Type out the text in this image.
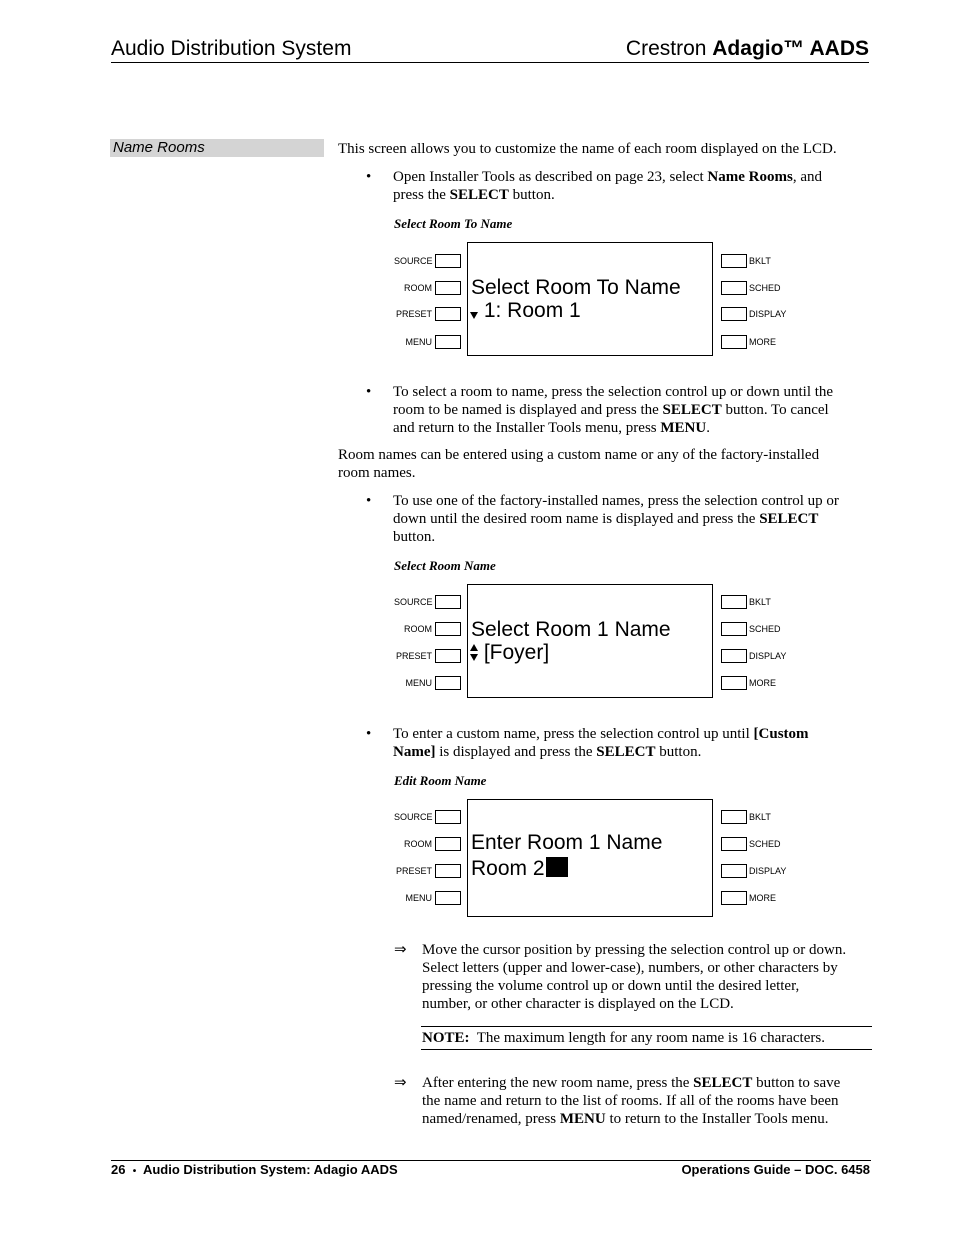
Audio Distribution System	Crestron Adagio™ AADS
Name Rooms	This screen allows you to customize the name of each room displayed on the LCD.
• Open Installer Tools as described on page 23, select Name Rooms, and
press the SELECT button.
Select Room To Name
SOURCE
ROOM
PRESET
MENU
Select Room To Name
1: Room 1
BKLT
SCHED
DISPLAY
MORE
• To select a room to name, press the selection control up or down until the
room to be named is displayed and press the SELECT button. To cancel
and return to the Installer Tools menu, press MENU.
Room names can be entered using a custom name or any of the factory-installed
room names.
• To use one of the factory-installed names, press the selection control up or
down until the desired room name is displayed and press the SELECT
button.
Select Room Name
SOURCE
ROOM
PRESET
MENU
Select Room 1 Name
[Foyer]
BKLT
SCHED
DISPLAY
MORE
• To enter a custom name, press the selection control up until [Custom
Name] is displayed and press the SELECT button.
Edit Room Name
SOURCE
ROOM
PRESET
MENU
Enter Room 1 Name
Room 2
BKLT
SCHED
DISPLAY
MORE
⇒ Move the cursor position by pressing the selection control up or down.
Select letters (upper and lower-case), numbers, or other characters by
pressing the volume control up or down until the desired letter,
number, or other character is displayed on the LCD.
NOTE:  The maximum length for any room name is 16 characters.
⇒ After entering the new room name, press the SELECT button to save
the name and return to the list of rooms. If all of the rooms have been
named/renamed, press MENU to return to the Installer Tools menu.
26 • Audio Distribution System: Adagio AADS	Operations Guide – DOC. 6458
